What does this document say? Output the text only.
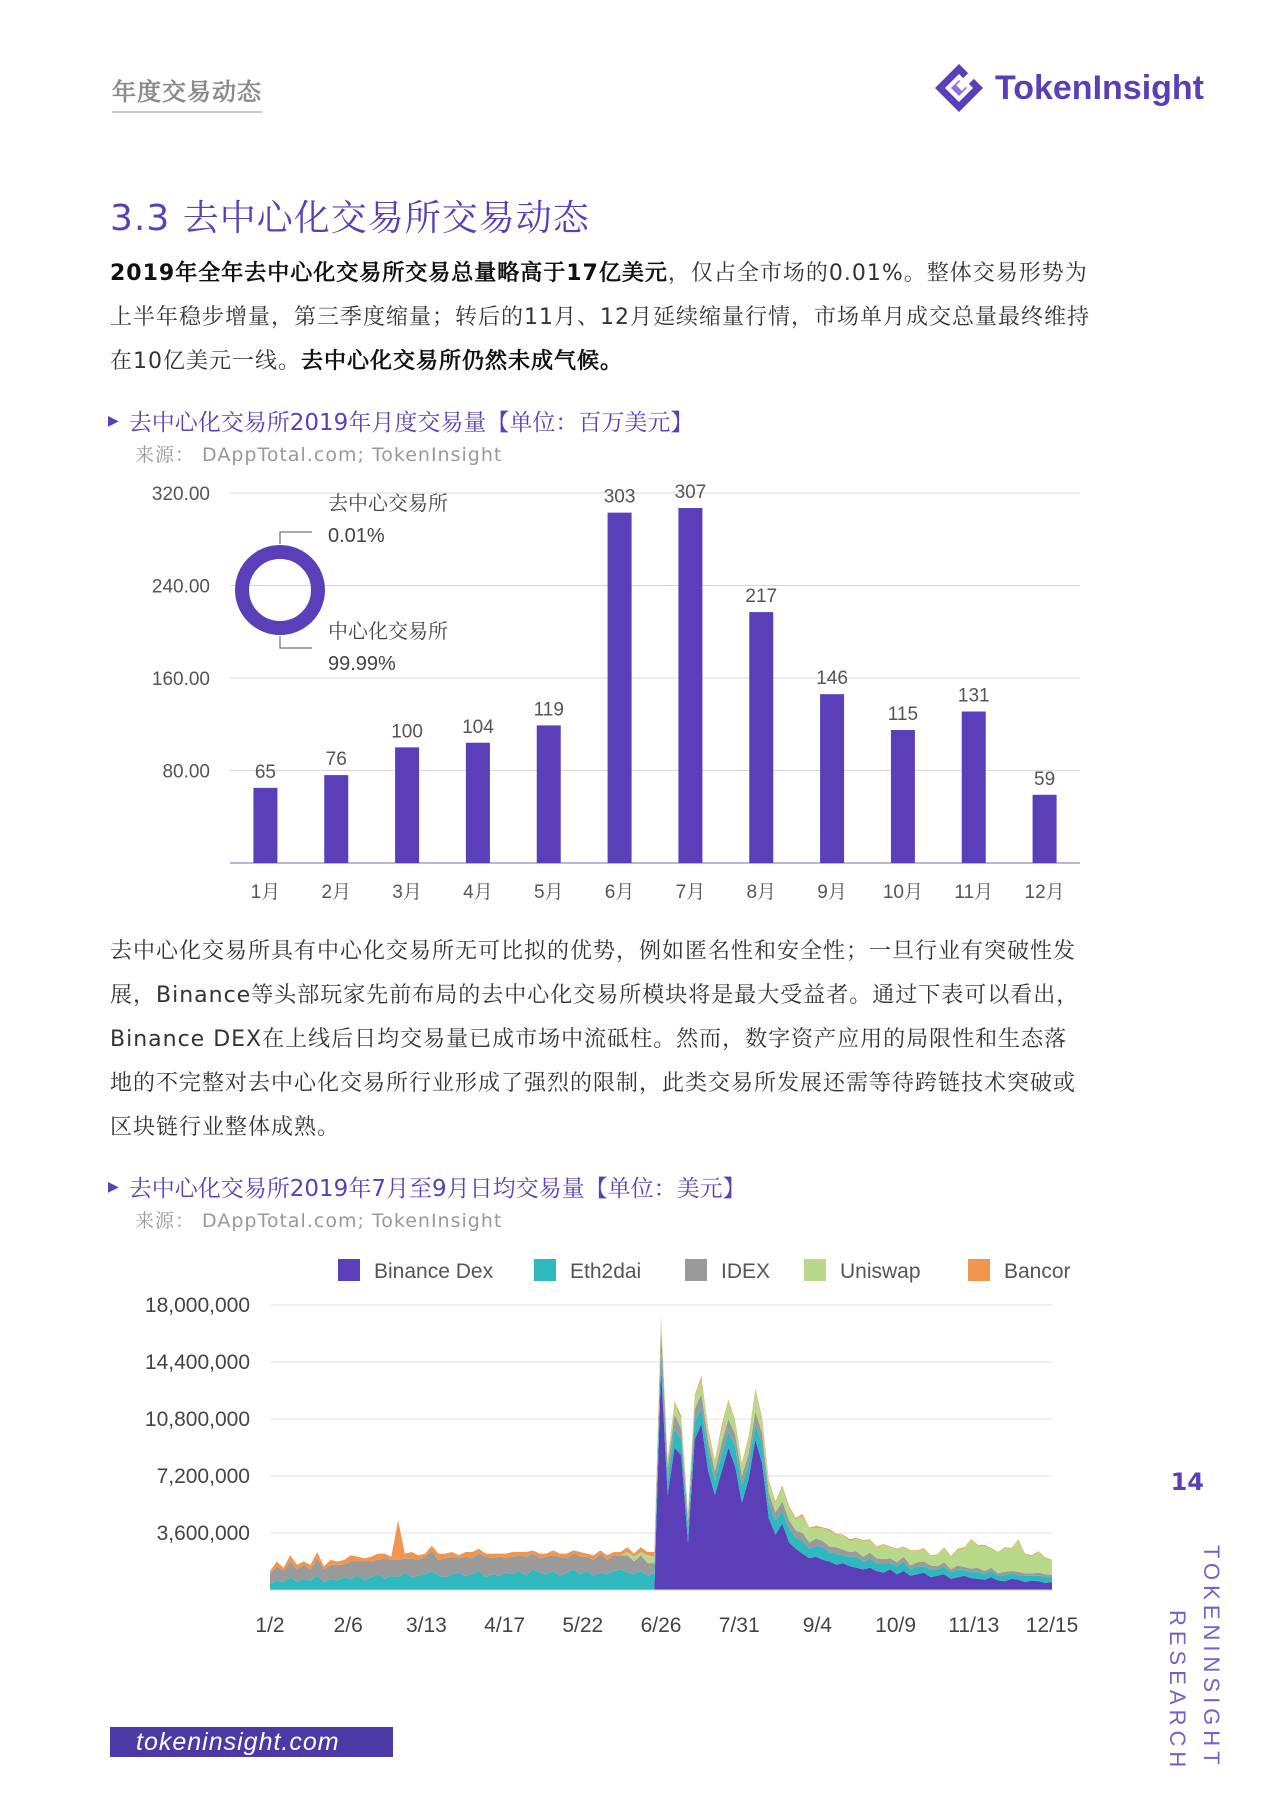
年度交易动态	TokenInsight
3.3 去中心化交易所交易动态
2019年全年去中心化交易所交易总量略高于17亿美元，仅占全市场的0.01%。整体交易形势为上半年稳步增量，第三季度缩量；转后的11月、12月延续缩量行情，市场单月成交总量最终维持在10亿美元一线。去中心化交易所仍然未成气候。
▶ 去中心化交易所2019年月度交易量【单位：百万美元】
来源： DAppTotal.com; TokenInsight
80.00
160.00
240.00
320.00
65
1月
76
2月
100
3月
104
4月
119
5月
303
6月
307
7月
217
8月
146
9月
115
10月
131
11月
59
12月
去中心交易所
0.01%
中心化交易所
99.99%
去中心化交易所具有中心化交易所无可比拟的优势，例如匿名性和安全性；一旦行业有突破性发展，Binance等头部玩家先前布局的去中心化交易所模块将是最大受益者。通过下表可以看出，Binance DEX在上线后日均交易量已成市场中流砥柱。然而，数字资产应用的局限性和生态落地的不完整对去中心化交易所行业形成了强烈的限制，此类交易所发展还需等待跨链技术突破或区块链行业整体成熟。
▶ 去中心化交易所2019年7月至9月日均交易量【单位：美元】
来源： DAppTotal.com; TokenInsight
Binance Dex	Eth2dai	IDEX	Uniswap	Bancor
3,600,000
7,200,000
10,800,000
14,400,000
18,000,000
1/2 2/6 3/13 4/17 5/22 6/26 7/31 9/4 10/9 11/13 12/15
14
TOKENINSIGHT
RESEARCH
tokeninsight.com
